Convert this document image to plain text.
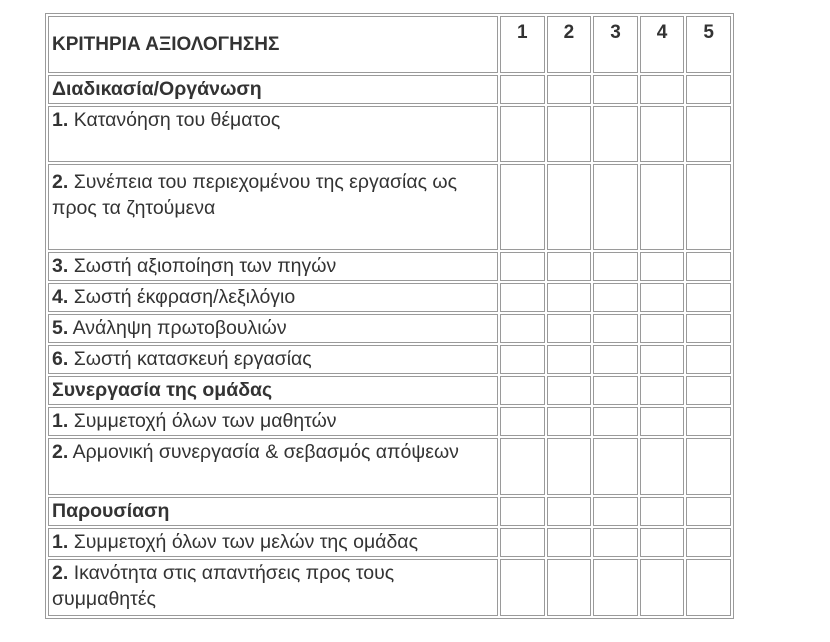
ΚΡΙΤΗΡΙΑ ΑΞΙΟΛΟΓΗΣΗΣ	1	2	3	4	5
Διαδικασία/Οργάνωση					
1. Κατανόηση του θέματος					
2. Συνέπεια του περιεχομένου της εργασίας ως προς τα ζητούμενα					
3. Σωστή αξιοποίηση των πηγών					
4. Σωστή έκφραση/λεξιλόγιο					
5. Ανάληψη πρωτοβουλιών					
6. Σωστή κατασκευή εργασίας					
Συνεργασία της ομάδας					
1. Συμμετοχή όλων των μαθητών					
2. Αρμονική συνεργασία & σεβασμός απόψεων					
Παρουσίαση					
1. Συμμετοχή όλων των μελών της ομάδας					
2. Ικανότητα στις απαντήσεις προς τους συμμαθητές					
